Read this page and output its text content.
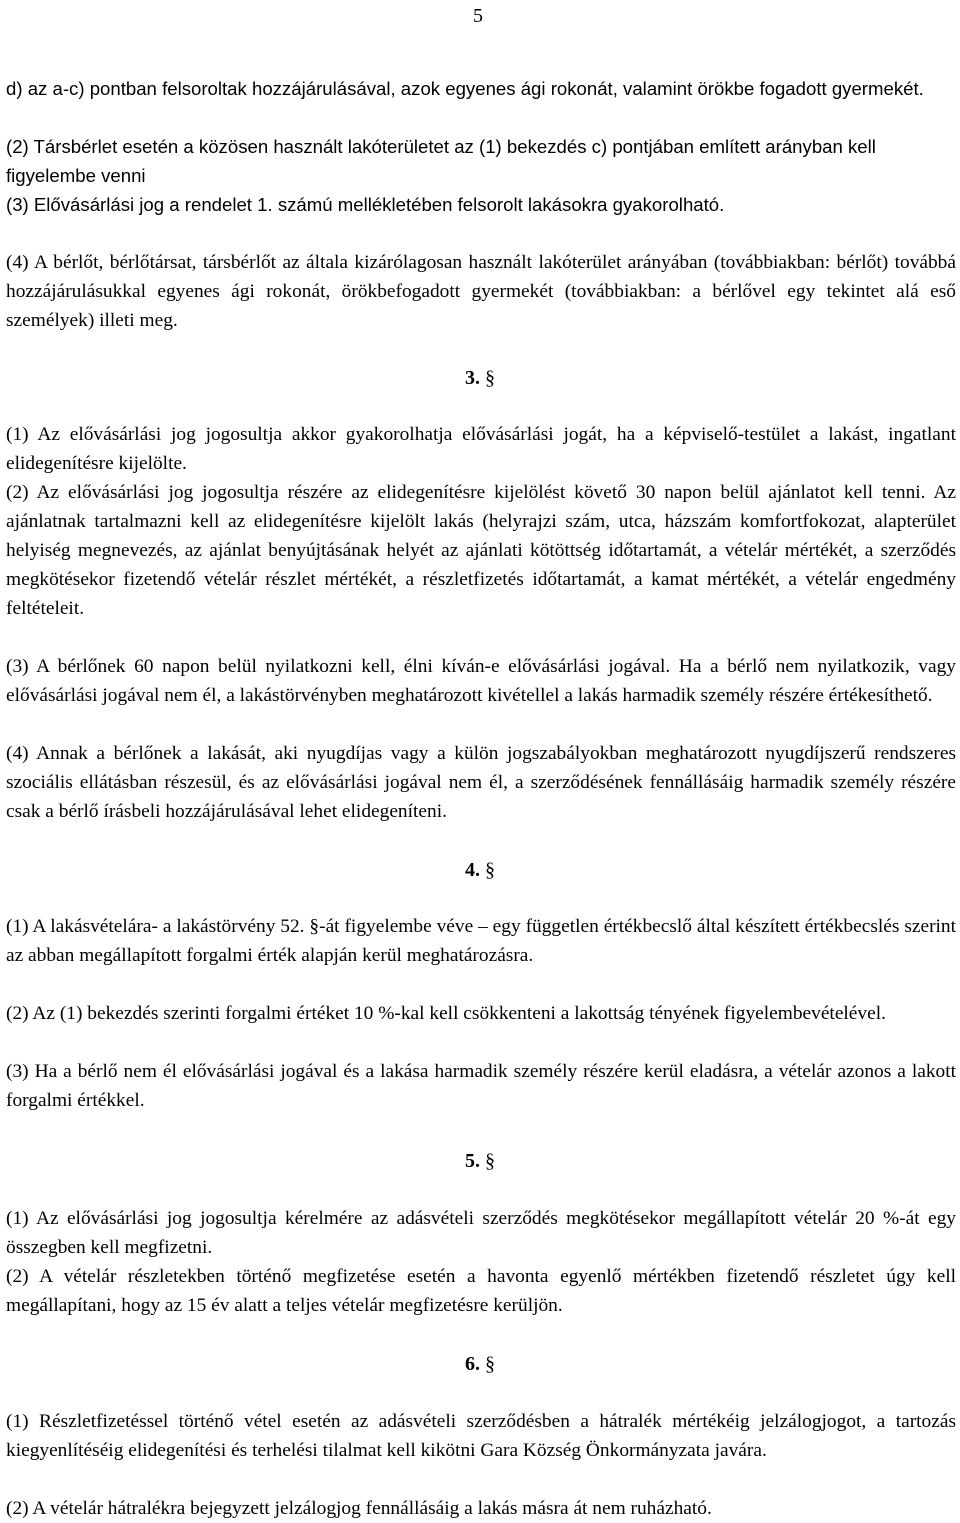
5

d) az a-c) pontban felsoroltak hozzájárulásával, azok egyenes ági rokonát, valamint örökbe fogadott gyermekét.

(2) Társbérlet esetén a közösen használt lakóterületet az (1) bekezdés c) pontjában említett arányban kell figyelembe venni

(3) Elővásárlási jog a rendelet 1. számú mellékletében felsorolt lakásokra gyakorolható.

(4) A bérlőt, bérlőtársat, társbérlőt az általa kizárólagosan használt lakóterület arányában (továbbiakban: bérlőt) továbbá hozzájárulásukkal egyenes ági rokonát, örökbefogadott gyermekét (továbbiakban: a bérlővel egy tekintet alá eső személyek) illeti meg.

3. §

(1) Az elővásárlási jog jogosultja akkor gyakorolhatja elővásárlási jogát, ha a képviselő-testület a lakást, ingatlant elidegenítésre kijelölte.

(2) Az elővásárlási jog jogosultja részére az elidegenítésre kijelölést követő 30 napon belül ajánlatot kell tenni. Az ajánlatnak tartalmazni kell az elidegenítésre kijelölt lakás (helyrajzi szám, utca, házszám komfortfokozat, alapterület helyiség megnevezés, az ajánlat benyújtásának helyét az ajánlati kötöttség időtartamát, a vételár mértékét, a szerződés megkötésekor fizetendő vételár részlet mértékét, a részletfizetés időtartamát, a kamat mértékét, a vételár engedmény feltételeit.

(3) A bérlőnek 60 napon belül nyilatkozni kell, élni kíván-e elővásárlási jogával. Ha a bérlő nem nyilatkozik, vagy elővásárlási jogával nem él, a lakástörvényben meghatározott kivétellel a lakás harmadik személy részére értékesíthető.

(4) Annak a bérlőnek a lakását, aki nyugdíjas vagy a külön jogszabályokban meghatározott nyugdíjszerű rendszeres szociális ellátásban részesül, és az elővásárlási jogával nem él, a szerződésének fennállásáig harmadik személy részére csak a bérlő írásbeli hozzájárulásával lehet elidegeníteni.

4. §

(1) A lakásvételára- a lakástörvény 52. §-át figyelembe véve – egy független értékbecslő által készített értékbecslés szerint az abban megállapított forgalmi érték alapján kerül meghatározásra.

(2) Az (1) bekezdés szerinti forgalmi értéket 10 %-kal kell csökkenteni a lakottság tényének figyelembevételével.

(3) Ha a bérlő nem él elővásárlási jogával és a lakása harmadik személy részére kerül eladásra, a vételár azonos a lakott forgalmi értékkel.

5. §

(1) Az elővásárlási jog jogosultja kérelmére az adásvételi szerződés megkötésekor megállapított vételár 20 %-át egy összegben kell megfizetni.

(2) A vételár részletekben történő megfizetése esetén a havonta egyenlő mértékben fizetendő részletet úgy kell megállapítani, hogy az 15 év alatt a teljes vételár megfizetésre kerüljön.

6. §

(1) Részletfizetéssel történő vétel esetén az adásvételi szerződésben a hátralék mértékéig jelzálogjogot, a tartozás kiegyenlítéséig elidegenítési és terhelési tilalmat kell kikötni Gara Község Önkormányzata javára.

(2) A vételár hátralékra bejegyzett jelzálogjog fennállásáig a lakás másra át nem ruházható.
